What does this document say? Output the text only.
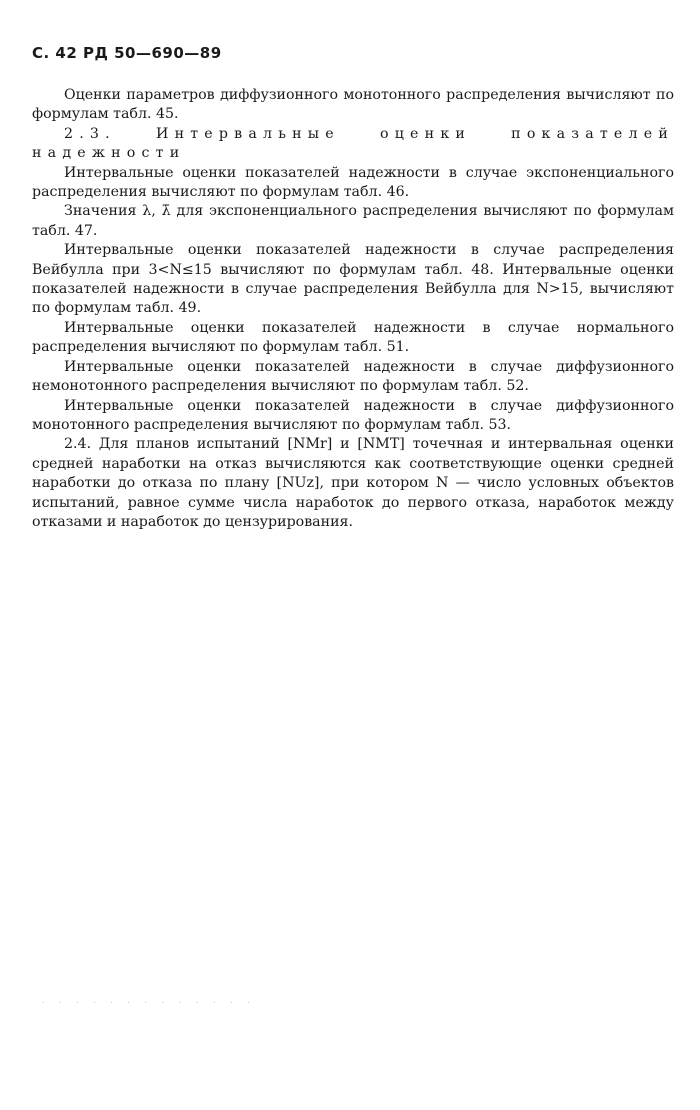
С. 42 РД 50—690—89

Оценки параметров диффузионного монотонного распределения вычисляют по формулам табл. 45.

2.3. Интервальные оценки показателей надежности

Интервальные оценки показателей надежности в случае экспоненциального распределения вычисляют по формулам табл. 46.

Значения λ, λ̄ для экспоненциального распределения вычисляют по формулам табл. 47.

Интервальные оценки показателей надежности в случае распределения Вейбулла при 3<N≤15 вычисляют по формулам табл. 48. Интервальные оценки показателей надежности в случае распределения Вейбулла для N>15, вычисляют по формулам табл. 49.

Интервальные оценки показателей надежности в случае нормального распределения вычисляют по формулам табл. 51.

Интервальные оценки показателей надежности в случае диффузионного немонотонного распределения вычисляют по формулам табл. 52.

Интервальные оценки показателей надежности в случае диффузионного монотонного распределения вычисляют по формулам табл. 53.

2.4. Для планов испытаний [NMr] и [NMT] точечная и интервальная оценки средней наработки на отказ вычисляются как соответствующие оценки средней наработки до отказа по плану [NUz], при котором N — число условных объектов испытаний, равное сумме числа наработок до первого отказа, наработок между отказами и наработок до цензурирования.

. . . . . . . . . . . . .
